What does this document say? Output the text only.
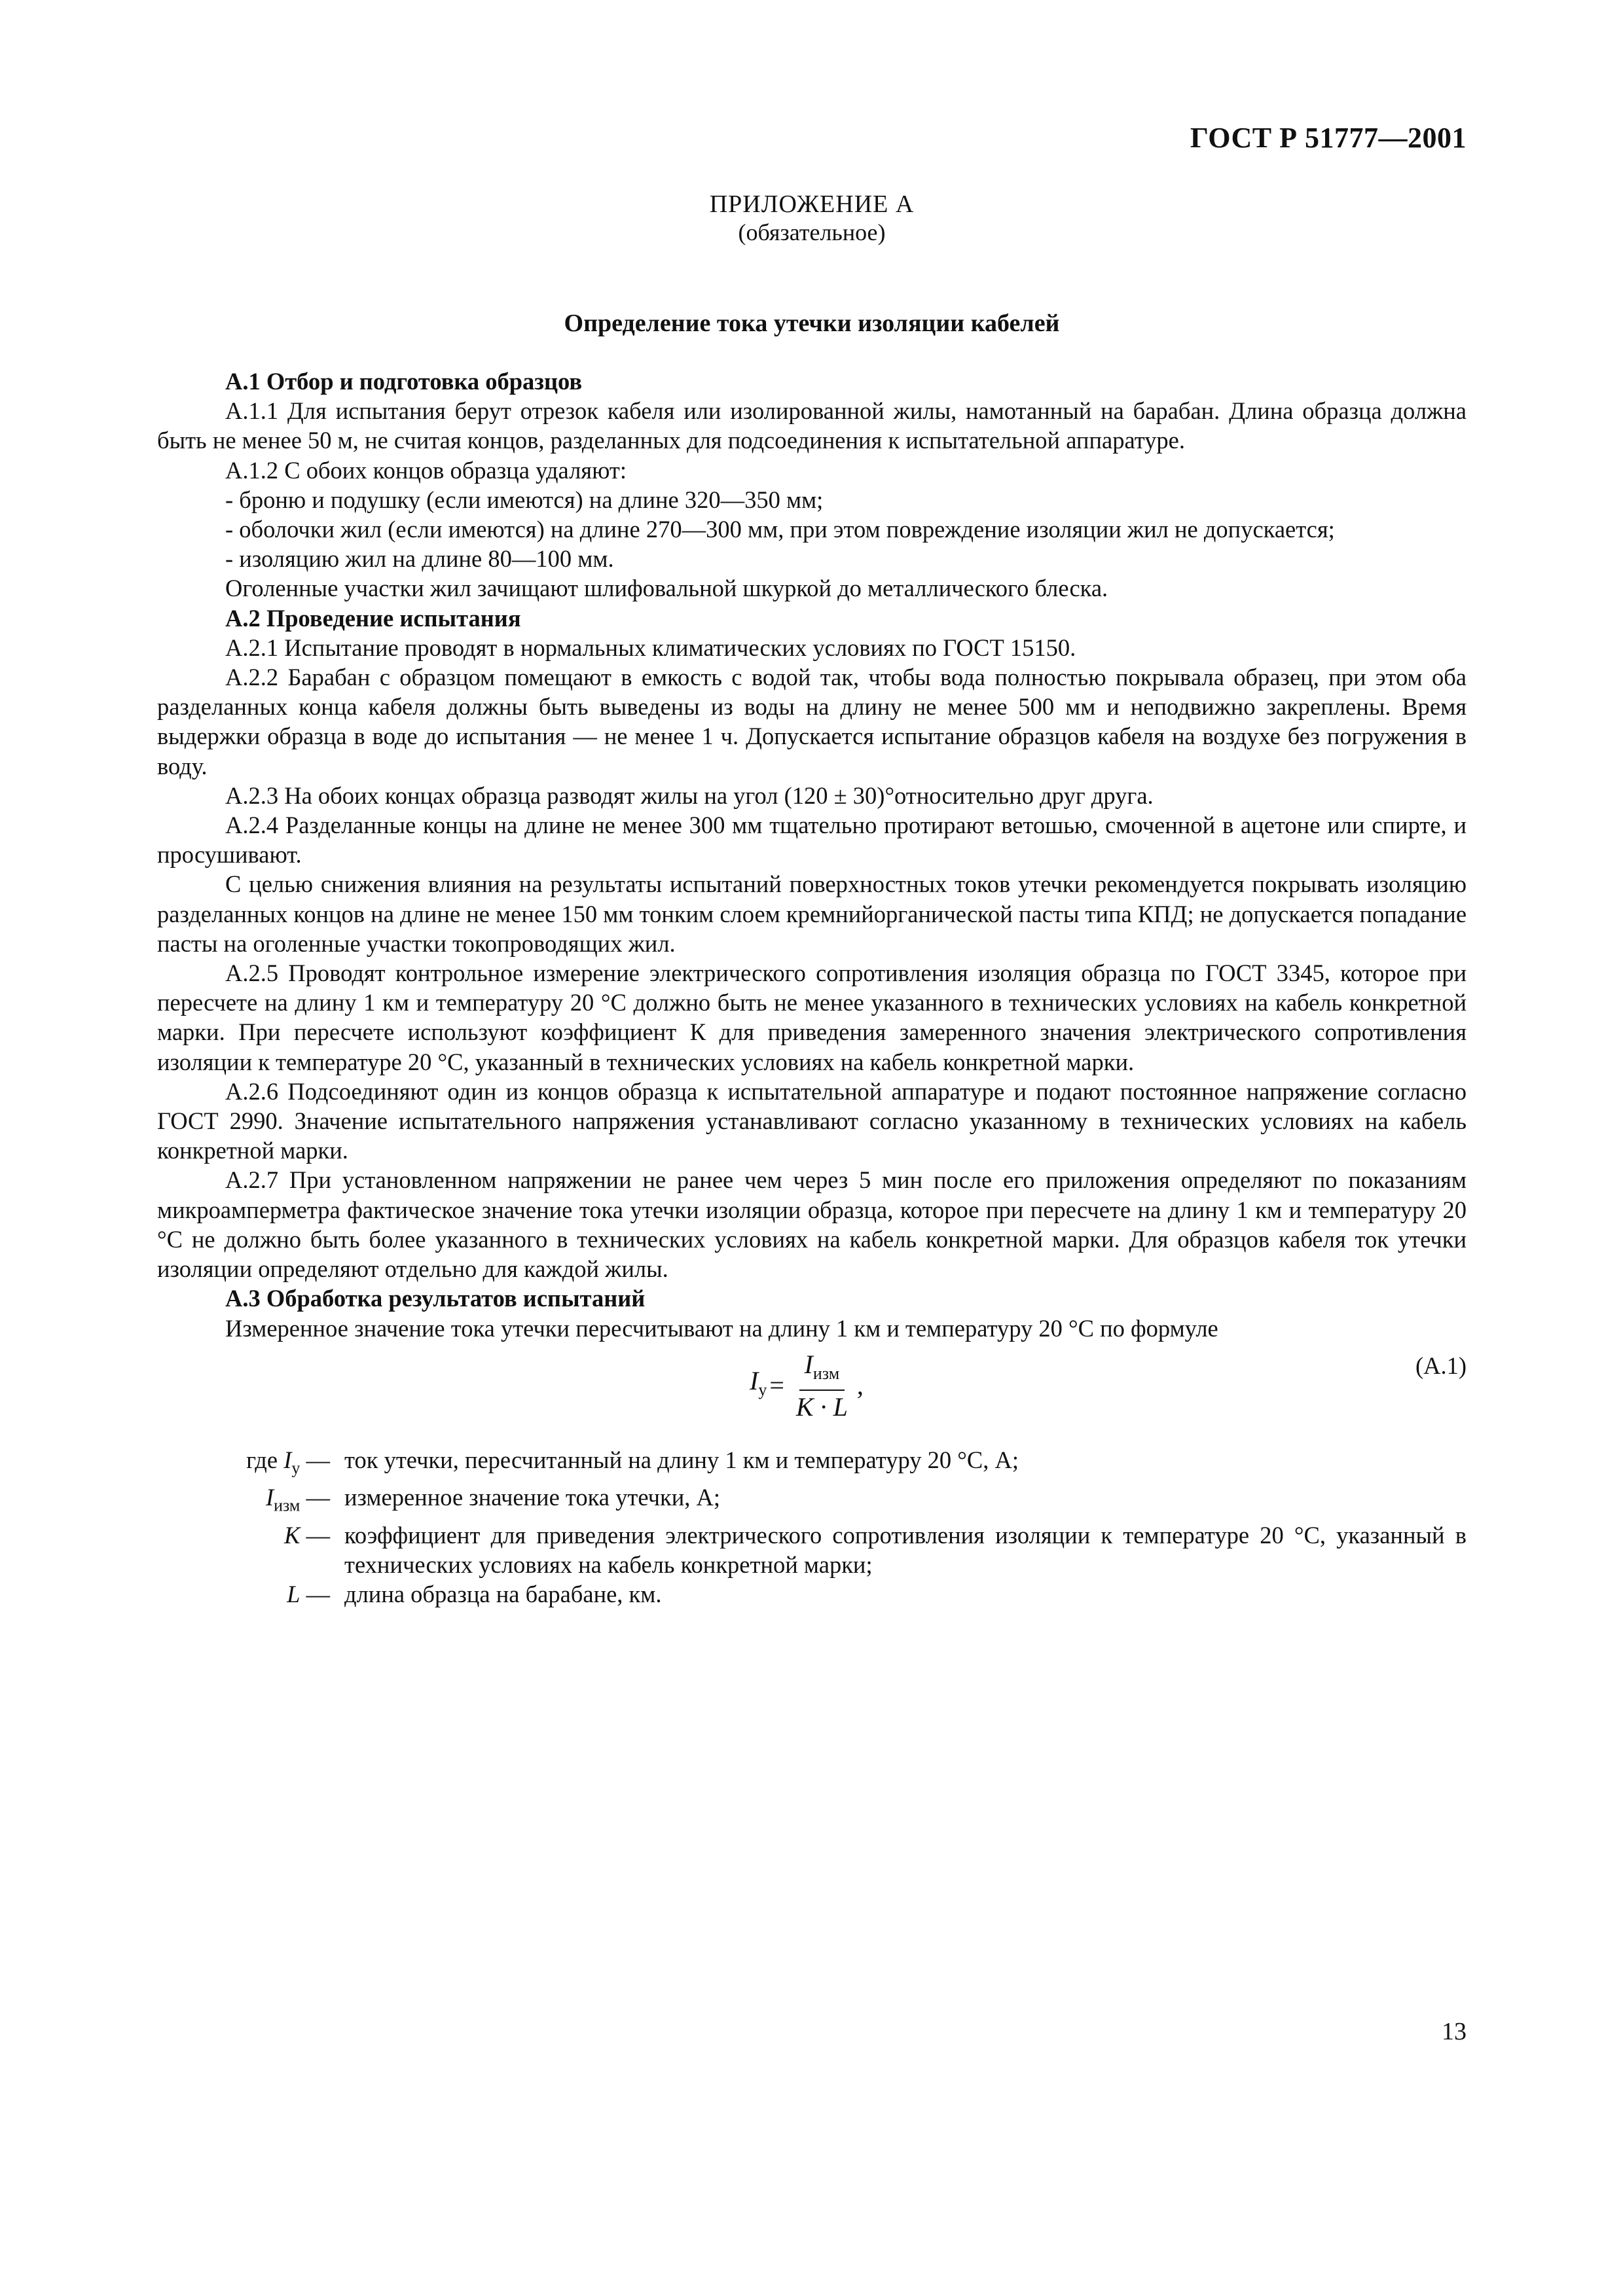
ГОСТ Р 51777—2001
ПРИЛОЖЕНИЕ А
(обязательное)
Определение тока утечки изоляции кабелей

А.1 Отбор и подготовка образцов

А.1.1 Для испытания берут отрезок кабеля или изолированной жилы, намотанный на барабан. Длина образца должна быть не менее 50 м, не считая концов, разделанных для подсоединения к испытательной аппаратуре.

А.1.2 С обоих концов образца удаляют:

- броню и подушку (если имеются) на длине 320—350 мм;

- оболочки жил (если имеются) на длине 270—300 мм, при этом повреждение изоляции жил не допускается;

- изоляцию жил на длине 80—100 мм.

Оголенные участки жил зачищают шлифовальной шкуркой до металлического блеска.

А.2 Проведение испытания

А.2.1 Испытание проводят в нормальных климатических условиях по ГОСТ 15150.

А.2.2 Барабан с образцом помещают в емкость с водой так, чтобы вода полностью покрывала образец, при этом оба разделанных конца кабеля должны быть выведены из воды на длину не менее 500 мм и неподвижно закреплены. Время выдержки образца в воде до испытания — не менее 1 ч. Допускается испытание образцов кабеля на воздухе без погружения в воду.

А.2.3 На обоих концах образца разводят жилы на угол (120 ± 30)°относительно друг друга.

А.2.4 Разделанные концы на длине не менее 300 мм тщательно протирают ветошью, смоченной в ацетоне или спирте, и просушивают.

С целью снижения влияния на результаты испытаний поверхностных токов утечки рекомендуется покрывать изоляцию разделанных концов на длине не менее 150 мм тонким слоем кремнийорганической пасты типа КПД; не допускается попадание пасты на оголенные участки токопроводящих жил.

А.2.5 Проводят контрольное измерение электрического сопротивления изоляция образца по ГОСТ 3345, которое при пересчете на длину 1 км и температуру 20 °С должно быть не менее указанного в технических условиях на кабель конкретной марки. При пересчете используют коэффициент К для приведения замеренного значения электрического сопротивления изоляции к температуре 20 °С, указанный в технических условиях на кабель конкретной марки.

А.2.6 Подсоединяют один из концов образца к испытательной аппаратуре и подают постоянное напряжение согласно ГОСТ 2990. Значение испытательного напряжения устанавливают согласно указанному в технических условиях на кабель конкретной марки.

А.2.7 При установленном напряжении не ранее чем через 5 мин после его приложения определяют по показаниям микроамперметра фактическое значение тока утечки изоляции образца, которое при пересчете на длину 1 км и температуру 20 °С не должно быть более указанного в технических условиях на кабель конкретной марки. Для образцов кабеля ток утечки изоляции определяют отдельно для каждой жилы.

А.3 Обработка результатов испытаний

Измеренное значение тока утечки пересчитывают на длину 1 км и температуру 20 °С по формуле

$I_у = \frac{I_{изм}}{K \cdot L}$ ,
(А.1)
где $I_у$ — ток утечки, пересчитанный на длину 1 км и температуру 20 °С, А;
$I_{изм}$ — измеренное значение тока утечки, А;
K — коэффициент для приведения электрического сопротивления изоляции к температуре 20 °С, указанный в технических условиях на кабель конкретной марки;
L — длина образца на барабане, км.
13
